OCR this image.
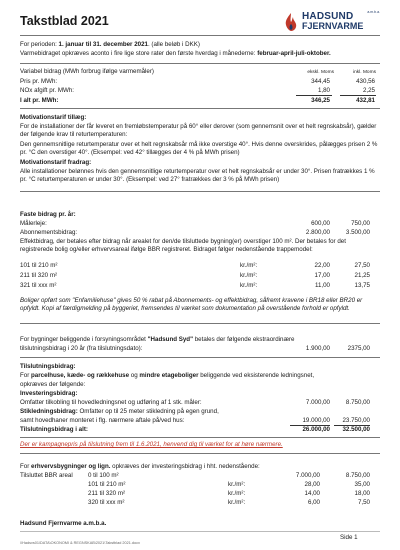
Takstblad 2021	HADSUND
FJERNVARME
a.m.b.a.
For perioden: 1. januar til 31. december 2021. (alle beløb i DKK)
Varmebidraget opkræves aconto i fire lige store rater den første hverdag i månederne: februar-april-juli-oktober.
Variabel bidrag (MWh forbrug ifølge varmemåler)	ekskl. Moms	inkl. Moms
Pris pr. MWh:	344,45	430,56
NOx afgift pr. MWh:	1,80	2,25
I alt pr. MWh:	346,25	432,81
Motivationstarif tillæg:
For de installationer der får leveret en fremløbstemperatur på 60° eller derover (som gennemsnit over et helt regnskabsår), gælder der følgende krav til returtemperaturen:
Den gennemsnitlige returtemperatur over et helt regnskabsår må ikke overstige 40°. Hvis denne overskrides, pålægges prisen 2 % pr. °C den overstiger 40°. (Eksempel: ved 42° tillægges der 4 % på MWh prisen)
Motivationstarif fradrag:
Alle installationer belønnes hvis den gennemsnitlige returtemperatur over et helt regnskabsår er under 30°. Prisen fratrækkes 1 % pr. °C returtemperaturen er under 30°. (Eksempel: ved 27° fratrækkes der 3 % på MWh prisen)
Faste bidrag pr. år:
Målerleje:	600,00	750,00
Abonnementsbidrag:	2.800,00	3.500,00
Effektbidrag, der betales efter bidrag når arealet for den/de tilsluttede bygning(er) overstiger 100 m². Der betales for det registrerede bolig og/eller erhvervsareal ifølge BBR registreret. Bidraget følger nedenstående trappemodel:
101 til 210 m²	kr./m²:	22,00	27,50
211 til 320 m²	kr./m²:	17,00	21,25
321 til xxx m²	kr./m²:	11,00	13,75
Boliger opført som "Enfamiliehuse" gives 50 % rabat på Abonnements- og effektbidrag, såfremt kravene i BR18 eller BR20 er opfyldt. Kopi af færdigmelding på byggeriet, fremsendes til værket som dokumentation på overstående forhold er opfyldt.
For bygninger beliggende i forsyningsområdet "Hadsund Syd" betales der følgende ekstraordinære
tilslutningsbidrag i 20 år (fra tilslutningsdato):	1.900,00	2375,00
Tilslutningsbidrag:
For parcelhuse, kæde- og rækkehuse og mindre etageboliger beliggende ved eksisterende ledningsnet,
opkræves der følgende:
Investeringsbidrag:
Omfatter tilkobling til hovedledningsnet og udføring af 1 stk. måler:	7.000,00	8.750,00
Stikledningsbidrag: Omfatter op til 25 meter stikledning på egen grund,
samt hovedhaner monteret i flg. nærmere aftale på/ved hus:	19.000,00	23.750,00
Tilslutningsbidrag i alt:	26.000,00	32.500,00
Der er kampagnepris på tilslutning frem til 1.6.2021, henvend dig til værket for at høre nærmere.
For erhvervsbygninger og lign. opkræves der investeringsbidrag i hht. nedenstående:
Tilsluttet BBR areal 0 til 100 m²	7.000,00	8.750,00
101 til 210 m²	kr./m²:	28,00	35,00
211 til 320 m²	kr./m²:	14,00	18,00
320 til xxx m²	kr./m²:	6,00	7,50
Hadsund Fjernvarme a.m.b.a.
Side 1
\\Hadsvs01\DATA\OKONOMI & REGNSKAB\2021\Takstblad 2021.docx
